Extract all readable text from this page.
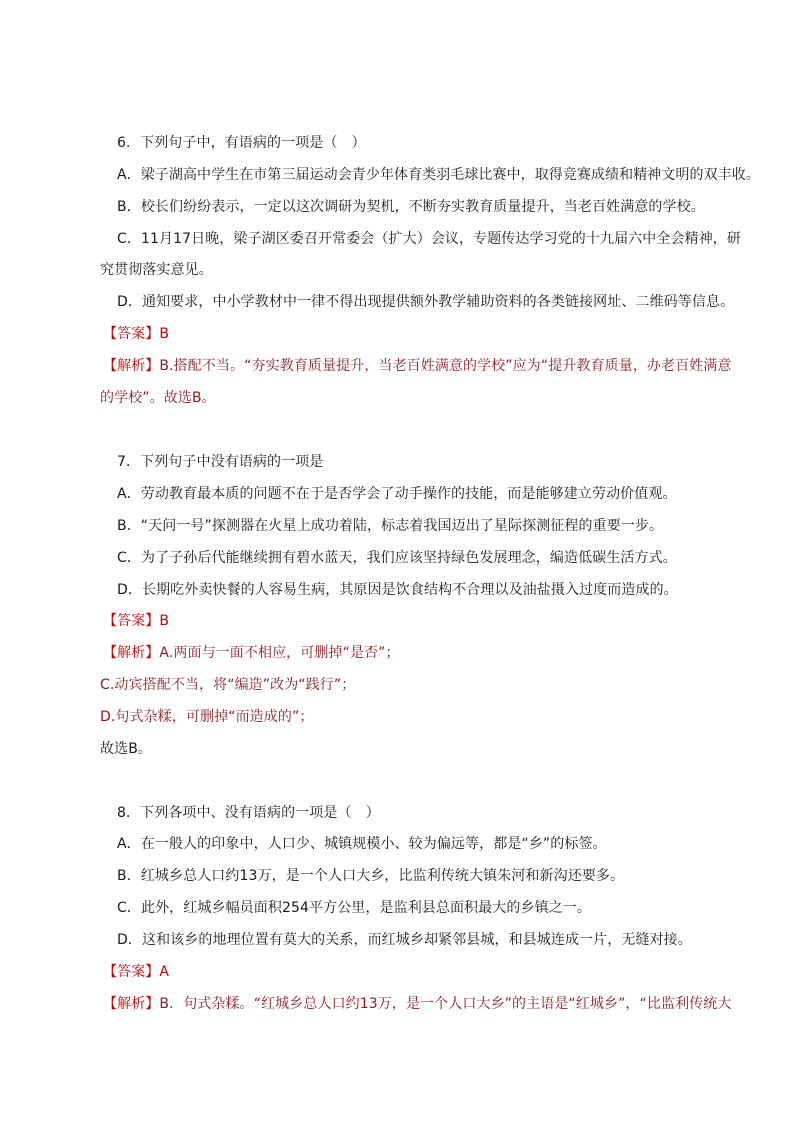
6．下列句子中，有语病的一项是（　）
A．梁子湖高中学生在市第三届运动会青少年体育类羽毛球比赛中，取得竞赛成绩和精神文明的双丰收。
B．校长们纷纷表示，一定以这次调研为契机，不断夯实教育质量提升，当老百姓满意的学校。
C．11月17日晚，梁子湖区委召开常委会（扩大）会议，专题传达学习党的十九届六中全会精神，研
究贯彻落实意见。
D．通知要求，中小学教材中一律不得出现提供额外教学辅助资料的各类链接网址、二维码等信息。
【答案】B
【解析】B.搭配不当。“夯实教育质量提升，当老百姓满意的学校”应为“提升教育质量，办老百姓满意
的学校”。故选B。
7．下列句子中没有语病的一项是
A．劳动教育最本质的问题不在于是否学会了动手操作的技能，而是能够建立劳动价值观。
B．“天问一号”探测器在火星上成功着陆，标志着我国迈出了星际探测征程的重要一步。
C．为了子孙后代能继续拥有碧水蓝天，我们应该坚持绿色发展理念，编造低碳生活方式。
D．长期吃外卖快餐的人容易生病，其原因是饮食结构不合理以及油盐摄入过度而造成的。
【答案】B
【解析】A.两面与一面不相应，可删掉“是否”；
C.动宾搭配不当，将“编造”改为“践行”；
D.句式杂糅，可删掉“而造成的”；
故选B。
8．下列各项中、没有语病的一项是（　）
A．在一般人的印象中，人口少、城镇规模小、较为偏远等，都是“乡”的标签。
B．红城乡总人口约13万，是一个人口大乡，比监利传统大镇朱河和新沟还要多。
C．此外，红城乡幅员面积254平方公里，是监利县总面积最大的乡镇之一。
D．这和该乡的地理位置有莫大的关系，而红城乡却紧邻县城，和县城连成一片，无缝对接。
【答案】A
【解析】B．句式杂糅。“红城乡总人口约13万，是一个人口大乡”的主语是“红城乡”，“比监利传统大
